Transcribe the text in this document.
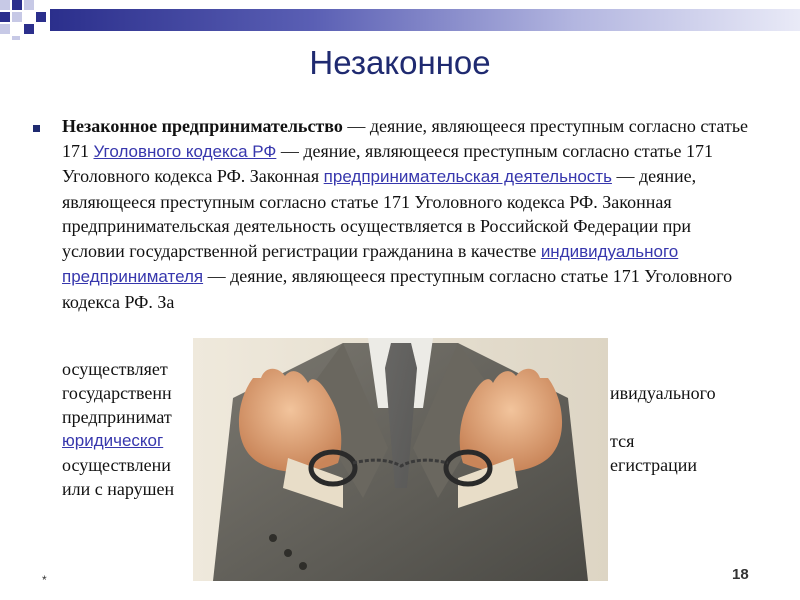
Незаконное
Незаконное предпринимательство — деяние, являющееся преступным согласно статье 171 Уголовного кодекса РФ — деяние, являющееся преступным согласно статье 171 Уголовного кодекса РФ. Законная предпринимательская деятельность — деяние, являющееся преступным согласно статье 171 Уголовного кодекса РФ. Законная предпринимательская деятельность осуществляется в Российской Федерации при условии государственной регистрации гражданина в качестве индивидуального предпринимателя — деяние, являющееся преступным согласно статье 171 Уголовного кодекса РФ. За
осуществляет
государственн	ивидуального
предпринимат
юридическог	тся
осуществлени	егистрации
или с нарушен
*	18
